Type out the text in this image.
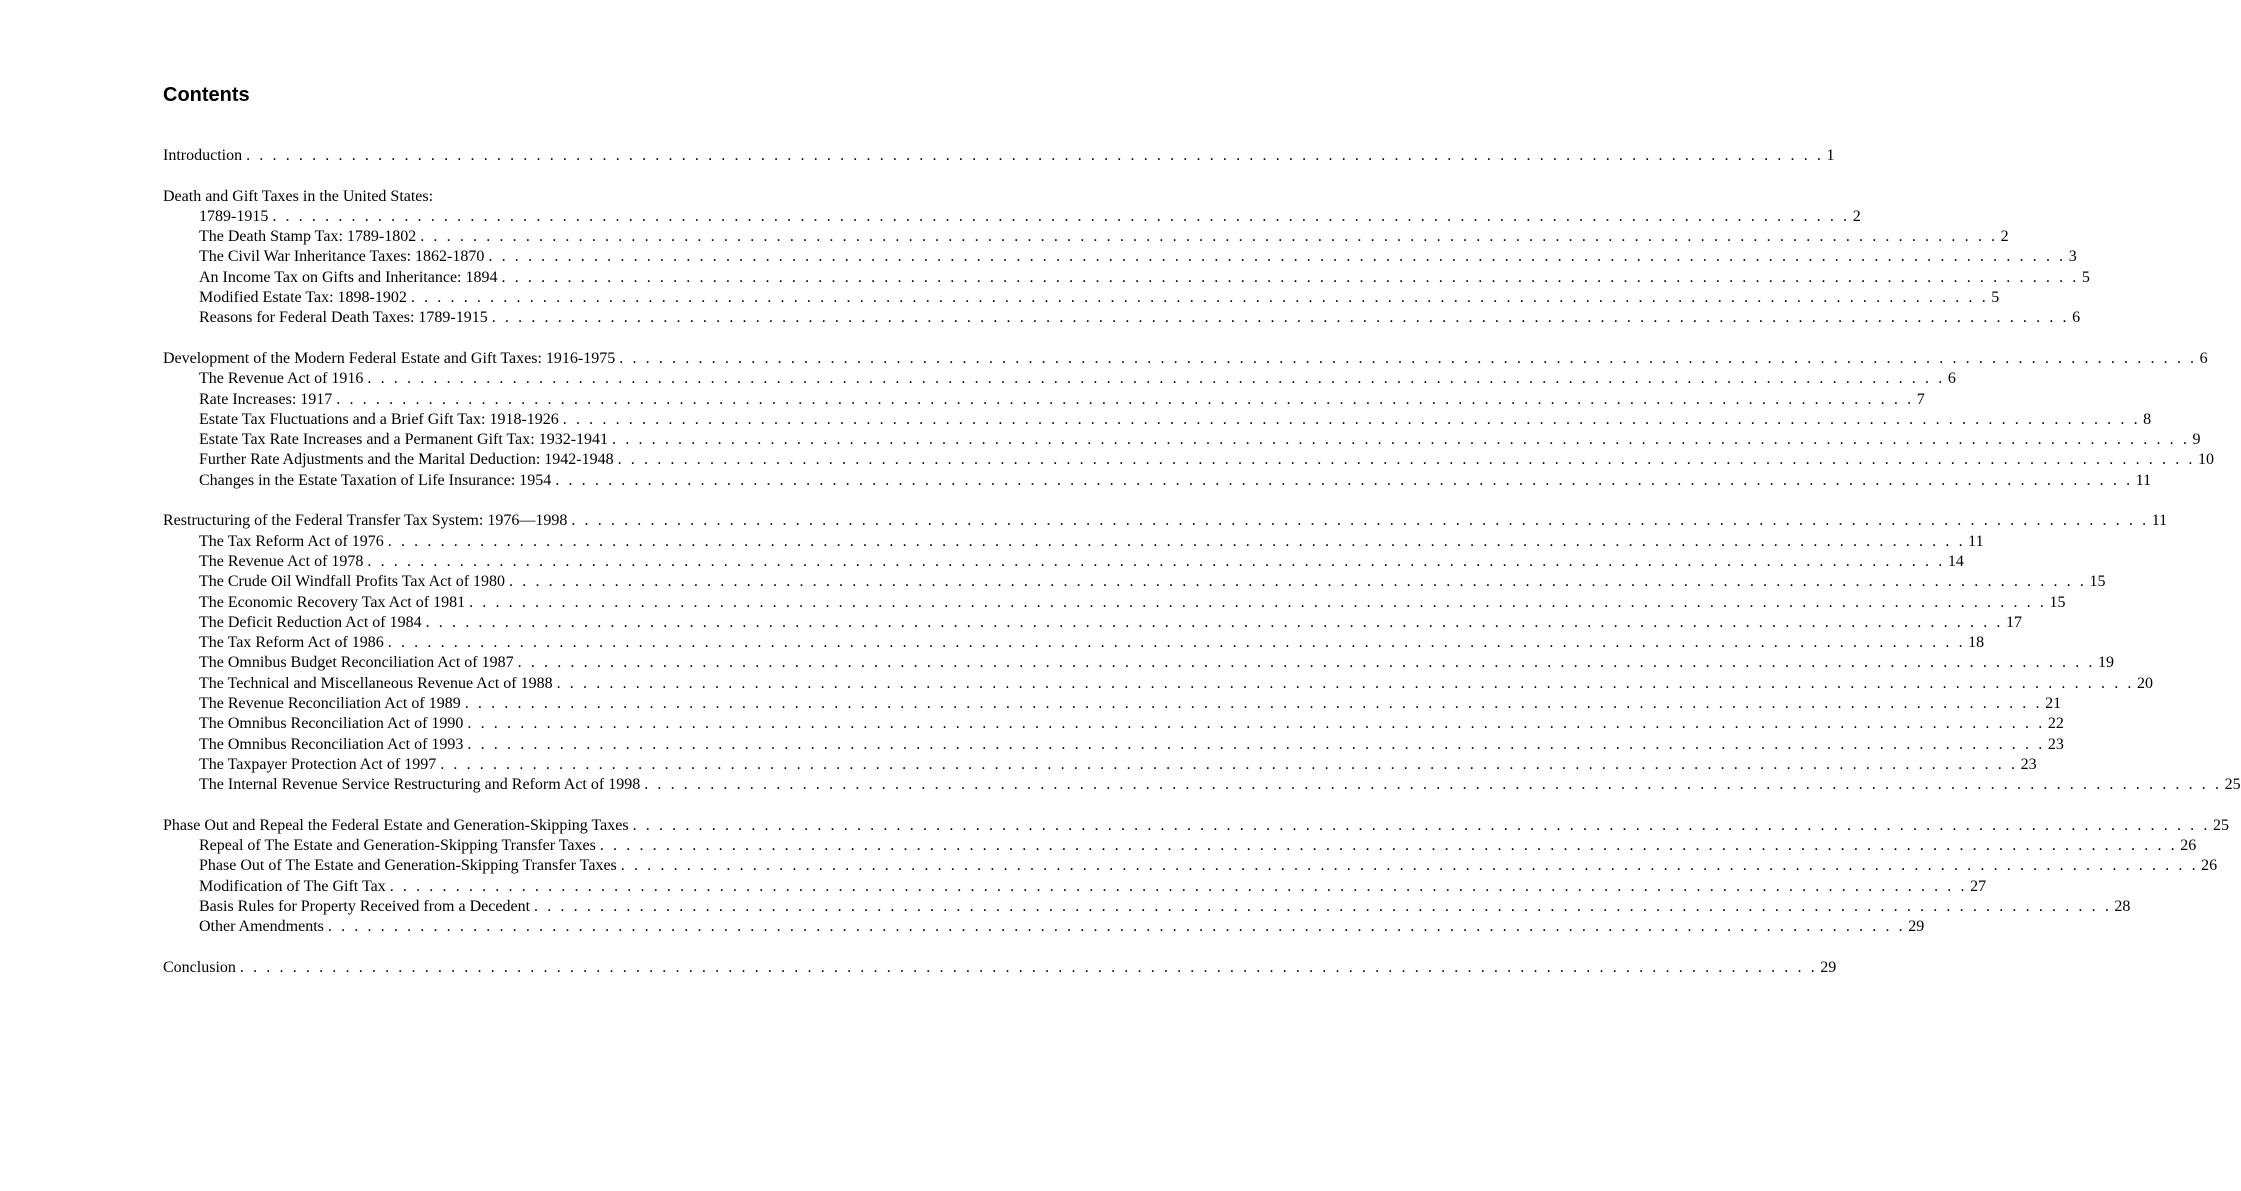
Contents
Introduction . . . . . . . . . . . . . . . . . . . . . . . . . . . . . . . . . . . . . . . . . . . . . . . . . . . . . . . . . . . . . . . . . . . . . . . . . . . . . . . . . . . . . . . . . . . . . . . . . . . . . . . . . . . . . . . . . . . . . . . . 1
Death and Gift Taxes in the United States:
1789-1915 . . . . . . . . . . . . . . . . . . . . . . . . . . . . . . . . . . . . . . . . . . . . . . . . . . . . . . . . . . . . . . . . . . . . . . . . . . . . . . . . . . . . . . . . . . . . . . . . . . . . . . . . . . . . . . . . . . . . . . . . 2
The Death Stamp Tax: 1789-1802 . . . . . . . . . . . . . . . . . . . . . . . . . . . . . . . . . . . . . . . . . . . . . . . . . . . . . . . . . . . . . . . . . . . . . . . . . . . . . . . . . . . . . . . . . . . . . . . . . . . . . . . . . . . . . . . . . . . . . . . . 2
The Civil War Inheritance Taxes: 1862-1870 . . . . . . . . . . . . . . . . . . . . . . . . . . . . . . . . . . . . . . . . . . . . . . . . . . . . . . . . . . . . . . . . . . . . . . . . . . . . . . . . . . . . . . . . . . . . . . . . . . . . . . . . . . . . . . . . . . . . . . . . 3
An Income Tax on Gifts and Inheritance: 1894 . . . . . . . . . . . . . . . . . . . . . . . . . . . . . . . . . . . . . . . . . . . . . . . . . . . . . . . . . . . . . . . . . . . . . . . . . . . . . . . . . . . . . . . . . . . . . . . . . . . . . . . . . . . . . . . . . . . . . . . . 5
Modified Estate Tax: 1898-1902 . . . . . . . . . . . . . . . . . . . . . . . . . . . . . . . . . . . . . . . . . . . . . . . . . . . . . . . . . . . . . . . . . . . . . . . . . . . . . . . . . . . . . . . . . . . . . . . . . . . . . . . . . . . . . . . . . . . . . . . . 5
Reasons for Federal Death Taxes: 1789-1915 . . . . . . . . . . . . . . . . . . . . . . . . . . . . . . . . . . . . . . . . . . . . . . . . . . . . . . . . . . . . . . . . . . . . . . . . . . . . . . . . . . . . . . . . . . . . . . . . . . . . . . . . . . . . . . . . . . . . . . . . 6
Development of the Modern Federal Estate and Gift Taxes: 1916-1975 . . . . . . . . . . . . . . . . . . . . . . . . . . . . . . . . . . . . . . . . . . . . . . . . . . . . . . . . . . . . . . . . . . . . . . . . . . . . . . . . . . . . . . . . . . . . . . . . . . . . . . . . . . . . . . . . . . . . . . . . 6
The Revenue Act of 1916 . . . . . . . . . . . . . . . . . . . . . . . . . . . . . . . . . . . . . . . . . . . . . . . . . . . . . . . . . . . . . . . . . . . . . . . . . . . . . . . . . . . . . . . . . . . . . . . . . . . . . . . . . . . . . . . . . . . . . . . . 6
Rate Increases: 1917 . . . . . . . . . . . . . . . . . . . . . . . . . . . . . . . . . . . . . . . . . . . . . . . . . . . . . . . . . . . . . . . . . . . . . . . . . . . . . . . . . . . . . . . . . . . . . . . . . . . . . . . . . . . . . . . . . . . . . . . . 7
Estate Tax Fluctuations and a Brief Gift Tax: 1918-1926 . . . . . . . . . . . . . . . . . . . . . . . . . . . . . . . . . . . . . . . . . . . . . . . . . . . . . . . . . . . . . . . . . . . . . . . . . . . . . . . . . . . . . . . . . . . . . . . . . . . . . . . . . . . . . . . . . . . . . . . . 8
Estate Tax Rate Increases and a Permanent Gift Tax: 1932-1941 . . . . . . . . . . . . . . . . . . . . . . . . . . . . . . . . . . . . . . . . . . . . . . . . . . . . . . . . . . . . . . . . . . . . . . . . . . . . . . . . . . . . . . . . . . . . . . . . . . . . . . . . . . . . . . . . . . . . . . . . 9
Further Rate Adjustments and the Marital Deduction: 1942-1948 . . . . . . . . . . . . . . . . . . . . . . . . . . . . . . . . . . . . . . . . . . . . . . . . . . . . . . . . . . . . . . . . . . . . . . . . . . . . . . . . . . . . . . . . . . . . . . . . . . . . . . . . . . . . . . . . . . . . . . . . 10
Changes in the Estate Taxation of Life Insurance: 1954 . . . . . . . . . . . . . . . . . . . . . . . . . . . . . . . . . . . . . . . . . . . . . . . . . . . . . . . . . . . . . . . . . . . . . . . . . . . . . . . . . . . . . . . . . . . . . . . . . . . . . . . . . . . . . . . . . . . . . . . . 11
Restructuring of the Federal Transfer Tax System: 1976—1998 . . . . . . . . . . . . . . . . . . . . . . . . . . . . . . . . . . . . . . . . . . . . . . . . . . . . . . . . . . . . . . . . . . . . . . . . . . . . . . . . . . . . . . . . . . . . . . . . . . . . . . . . . . . . . . . . . . . . . . . . 11
The Tax Reform Act of 1976 . . . . . . . . . . . . . . . . . . . . . . . . . . . . . . . . . . . . . . . . . . . . . . . . . . . . . . . . . . . . . . . . . . . . . . . . . . . . . . . . . . . . . . . . . . . . . . . . . . . . . . . . . . . . . . . . . . . . . . . . 11
The Revenue Act of 1978 . . . . . . . . . . . . . . . . . . . . . . . . . . . . . . . . . . . . . . . . . . . . . . . . . . . . . . . . . . . . . . . . . . . . . . . . . . . . . . . . . . . . . . . . . . . . . . . . . . . . . . . . . . . . . . . . . . . . . . . . 14
The Crude Oil Windfall Profits Tax Act of 1980 . . . . . . . . . . . . . . . . . . . . . . . . . . . . . . . . . . . . . . . . . . . . . . . . . . . . . . . . . . . . . . . . . . . . . . . . . . . . . . . . . . . . . . . . . . . . . . . . . . . . . . . . . . . . . . . . . . . . . . . . 15
The Economic Recovery Tax Act of 1981 . . . . . . . . . . . . . . . . . . . . . . . . . . . . . . . . . . . . . . . . . . . . . . . . . . . . . . . . . . . . . . . . . . . . . . . . . . . . . . . . . . . . . . . . . . . . . . . . . . . . . . . . . . . . . . . . . . . . . . . . 15
The Deficit Reduction Act of 1984 . . . . . . . . . . . . . . . . . . . . . . . . . . . . . . . . . . . . . . . . . . . . . . . . . . . . . . . . . . . . . . . . . . . . . . . . . . . . . . . . . . . . . . . . . . . . . . . . . . . . . . . . . . . . . . . . . . . . . . . . 17
The Tax Reform Act of 1986 . . . . . . . . . . . . . . . . . . . . . . . . . . . . . . . . . . . . . . . . . . . . . . . . . . . . . . . . . . . . . . . . . . . . . . . . . . . . . . . . . . . . . . . . . . . . . . . . . . . . . . . . . . . . . . . . . . . . . . . . 18
The Omnibus Budget Reconciliation Act of 1987 . . . . . . . . . . . . . . . . . . . . . . . . . . . . . . . . . . . . . . . . . . . . . . . . . . . . . . . . . . . . . . . . . . . . . . . . . . . . . . . . . . . . . . . . . . . . . . . . . . . . . . . . . . . . . . . . . . . . . . . . 19
The Technical and Miscellaneous Revenue Act of 1988 . . . . . . . . . . . . . . . . . . . . . . . . . . . . . . . . . . . . . . . . . . . . . . . . . . . . . . . . . . . . . . . . . . . . . . . . . . . . . . . . . . . . . . . . . . . . . . . . . . . . . . . . . . . . . . . . . . . . . . . . 20
The Revenue Reconciliation Act of 1989 . . . . . . . . . . . . . . . . . . . . . . . . . . . . . . . . . . . . . . . . . . . . . . . . . . . . . . . . . . . . . . . . . . . . . . . . . . . . . . . . . . . . . . . . . . . . . . . . . . . . . . . . . . . . . . . . . . . . . . . . 21
The Omnibus Reconciliation Act of 1990 . . . . . . . . . . . . . . . . . . . . . . . . . . . . . . . . . . . . . . . . . . . . . . . . . . . . . . . . . . . . . . . . . . . . . . . . . . . . . . . . . . . . . . . . . . . . . . . . . . . . . . . . . . . . . . . . . . . . . . . . 22
The Omnibus Reconciliation Act of 1993 . . . . . . . . . . . . . . . . . . . . . . . . . . . . . . . . . . . . . . . . . . . . . . . . . . . . . . . . . . . . . . . . . . . . . . . . . . . . . . . . . . . . . . . . . . . . . . . . . . . . . . . . . . . . . . . . . . . . . . . . 23
The Taxpayer Protection Act of 1997 . . . . . . . . . . . . . . . . . . . . . . . . . . . . . . . . . . . . . . . . . . . . . . . . . . . . . . . . . . . . . . . . . . . . . . . . . . . . . . . . . . . . . . . . . . . . . . . . . . . . . . . . . . . . . . . . . . . . . . . . 23
The Internal Revenue Service Restructuring and Reform Act of 1998 . . . . . . . . . . . . . . . . . . . . . . . . . . . . . . . . . . . . . . . . . . . . . . . . . . . . . . . . . . . . . . . . . . . . . . . . . . . . . . . . . . . . . . . . . . . . . . . . . . . . . . . . . . . . . . . . . . . . . . . . 25
Phase Out and Repeal the Federal Estate and Generation-Skipping Taxes . . . . . . . . . . . . . . . . . . . . . . . . . . . . . . . . . . . . . . . . . . . . . . . . . . . . . . . . . . . . . . . . . . . . . . . . . . . . . . . . . . . . . . . . . . . . . . . . . . . . . . . . . . . . . . . . . . . . . . . . 25
Repeal of The Estate and Generation-Skipping Transfer Taxes . . . . . . . . . . . . . . . . . . . . . . . . . . . . . . . . . . . . . . . . . . . . . . . . . . . . . . . . . . . . . . . . . . . . . . . . . . . . . . . . . . . . . . . . . . . . . . . . . . . . . . . . . . . . . . . . . . . . . . . . 26
Phase Out of The Estate and Generation-Skipping Transfer Taxes . . . . . . . . . . . . . . . . . . . . . . . . . . . . . . . . . . . . . . . . . . . . . . . . . . . . . . . . . . . . . . . . . . . . . . . . . . . . . . . . . . . . . . . . . . . . . . . . . . . . . . . . . . . . . . . . . . . . . . . . 26
Modification of The Gift Tax . . . . . . . . . . . . . . . . . . . . . . . . . . . . . . . . . . . . . . . . . . . . . . . . . . . . . . . . . . . . . . . . . . . . . . . . . . . . . . . . . . . . . . . . . . . . . . . . . . . . . . . . . . . . . . . . . . . . . . . . 27
Basis Rules for Property Received from a Decedent . . . . . . . . . . . . . . . . . . . . . . . . . . . . . . . . . . . . . . . . . . . . . . . . . . . . . . . . . . . . . . . . . . . . . . . . . . . . . . . . . . . . . . . . . . . . . . . . . . . . . . . . . . . . . . . . . . . . . . . . 28
Other Amendments . . . . . . . . . . . . . . . . . . . . . . . . . . . . . . . . . . . . . . . . . . . . . . . . . . . . . . . . . . . . . . . . . . . . . . . . . . . . . . . . . . . . . . . . . . . . . . . . . . . . . . . . . . . . . . . . . . . . . . . . 29
Conclusion . . . . . . . . . . . . . . . . . . . . . . . . . . . . . . . . . . . . . . . . . . . . . . . . . . . . . . . . . . . . . . . . . . . . . . . . . . . . . . . . . . . . . . . . . . . . . . . . . . . . . . . . . . . . . . . . . . . . . . . . 29
